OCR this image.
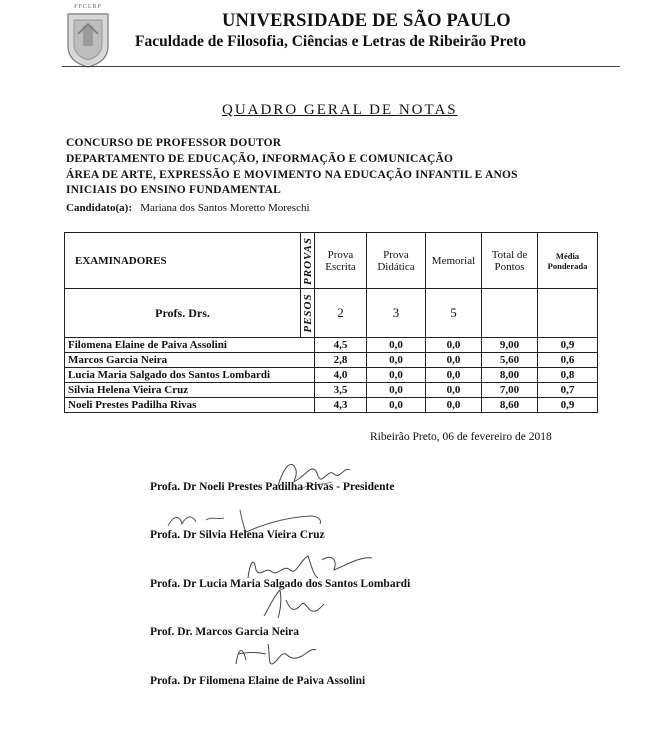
FFCLRP
UNIVERSIDADE DE SÃO PAULO
Faculdade de Filosofia, Ciências e Letras de Ribeirão Preto
QUADRO GERAL DE NOTAS
CONCURSO DE PROFESSOR DOUTOR
DEPARTAMENTO DE EDUCAÇÃO, INFORMAÇÃO E COMUNICAÇÃO
ÁREA DE ARTE, EXPRESSÃO E MOVIMENTO NA EDUCAÇÃO INFANTIL E ANOS
INICIAIS DO ENSINO FUNDAMENTAL
Candidato(a): Mariana dos Santos Moretto Moreschi
EXAMINADORES	PROVAS	Prova Escrita	Prova Didática	Memorial	Total de Pontos	Média Ponderada
Profs. Drs.	PESOS	2	3	5		
Filomena Elaine de Paiva Assolini		4,5	0,0	0,0	9,00	0,9
Marcos Garcia Neira		2,8	0,0	0,0	5,60	0,6
Lucia Maria Salgado dos Santos Lombardi		4,0	0,0	0,0	8,00	0,8
Silvia Helena Vieira Cruz		3,5	0,0	0,0	7,00	0,7
Noeli Prestes Padilha Rivas		4,3	0,0	0,0	8,60	0,9
Ribeirão Preto, 06 de fevereiro de 2018
Profa. Dr Noeli Prestes Padilha Rivas - Presidente
Profa. Dr Silvia Helena Vieira Cruz
Profa. Dr Lucia Maria Salgado dos Santos Lombardi
Prof. Dr. Marcos Garcia Neira
Profa. Dr Filomena Elaine de Paiva Assolini
